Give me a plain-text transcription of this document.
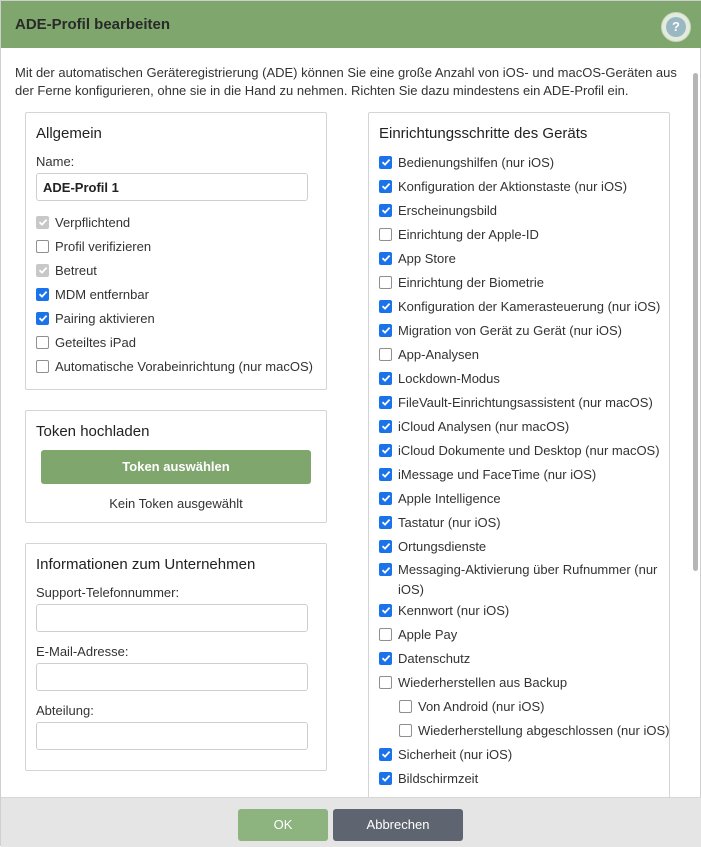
ADE-Profil bearbeiten	?
Mit der automatischen Geräteregistrierung (ADE) können Sie eine große Anzahl von iOS- und macOS-Geräten aus der Ferne konfigurieren, ohne sie in die Hand zu nehmen. Richten Sie dazu mindestens ein ADE-Profil ein.
Allgemein
Name:
ADE-Profil 1
Verpflichtend
Profil verifizieren
Betreut
MDM entfernbar
Pairing aktivieren
Geteiltes iPad
Automatische Vorabeinrichtung (nur macOS)
Token hochladen
Token auswählen
Kein Token ausgewählt
Informationen zum Unternehmen
Support-Telefonnummer:
E-Mail-Adresse:
Abteilung:
Einrichtungsschritte des Geräts
Bedienungshilfen (nur iOS)
Konfiguration der Aktionstaste (nur iOS)
Erscheinungsbild
Einrichtung der Apple-ID
App Store
Einrichtung der Biometrie
Konfiguration der Kamerasteuerung (nur iOS)
Migration von Gerät zu Gerät (nur iOS)
App-Analysen
Lockdown-Modus
FileVault-Einrichtungsassistent (nur macOS)
iCloud Analysen (nur macOS)
iCloud Dokumente und Desktop (nur macOS)
iMessage und FaceTime (nur iOS)
Apple Intelligence
Tastatur (nur iOS)
Ortungsdienste
Messaging-Aktivierung über Rufnummer (nur iOS)
Kennwort (nur iOS)
Apple Pay
Datenschutz
Wiederherstellen aus Backup
Von Android (nur iOS)
Wiederherstellung abgeschlossen (nur iOS)
Sicherheit (nur iOS)
Bildschirmzeit
OK	Abbrechen
